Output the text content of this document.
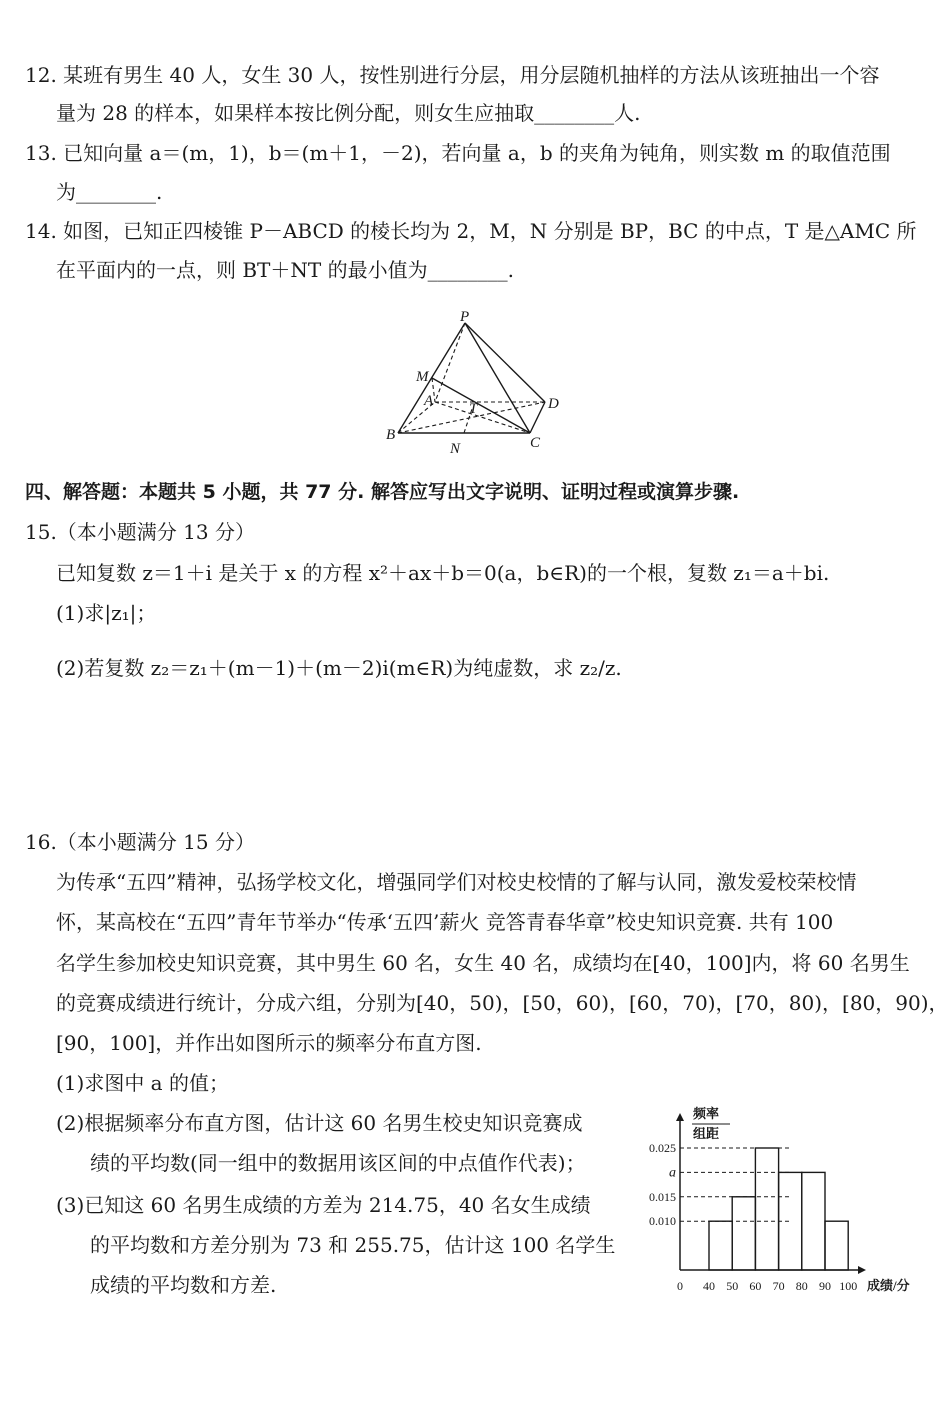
12. 某班有男生 40 人，女生 30 人，按性别进行分层，用分层随机抽样的方法从该班抽出一个容
量为 28 的样本，如果样本按比例分配，则女生应抽取________人.
13. 已知向量 a＝(m，1)，b＝(m＋1，－2)，若向量 a，b 的夹角为钝角，则实数 m 的取值范围
为________.
14. 如图，已知正四棱锥 P－ABCD 的棱长均为 2，M，N 分别是 BP，BC 的中点，T 是△AMC 所
在平面内的一点，则 BT＋NT 的最小值为________.
P
M
A T	D
B
N	C
四、解答题：本题共 5 小题，共 77 分. 解答应写出文字说明、证明过程或演算步骤.
15.（本小题满分 13 分）
已知复数 z＝1＋i 是关于 x 的方程 x²＋ax＋b＝0(a，b∈R)的一个根，复数 z₁＝a＋bi.
(1)求|z₁|；
(2)若复数 z₂＝z₁＋(m－1)＋(m－2)i(m∈R)为纯虚数，求 z₂/z.
16.（本小题满分 15 分）
为传承“五四”精神，弘扬学校文化，增强同学们对校史校情的了解与认同，激发爱校荣校情
怀，某高校在“五四”青年节举办“传承‘五四’薪火 竞答青春华章”校史知识竞赛. 共有 100
名学生参加校史知识竞赛，其中男生 60 名，女生 40 名，成绩均在[40，100]内，将 60 名男生
的竞赛成绩进行统计，分成六组，分别为[40，50)，[50，60)，[60，70)，[70，80)，[80，90)，
[90，100]，并作出如图所示的频率分布直方图.
(1)求图中 a 的值；
(2)根据频率分布直方图，估计这 60 名男生校史知识竞赛成
绩的平均数(同一组中的数据用该区间的中点值作代表)；
(3)已知这 60 名男生成绩的方差为 214.75，40 名女生成绩
的平均数和方差分别为 73 和 255.75，估计这 100 名学生
成绩的平均数和方差.
频率
组距
成绩/分
0.025
a
0.015
0.010
0 40 50 60 70 80 90 100
